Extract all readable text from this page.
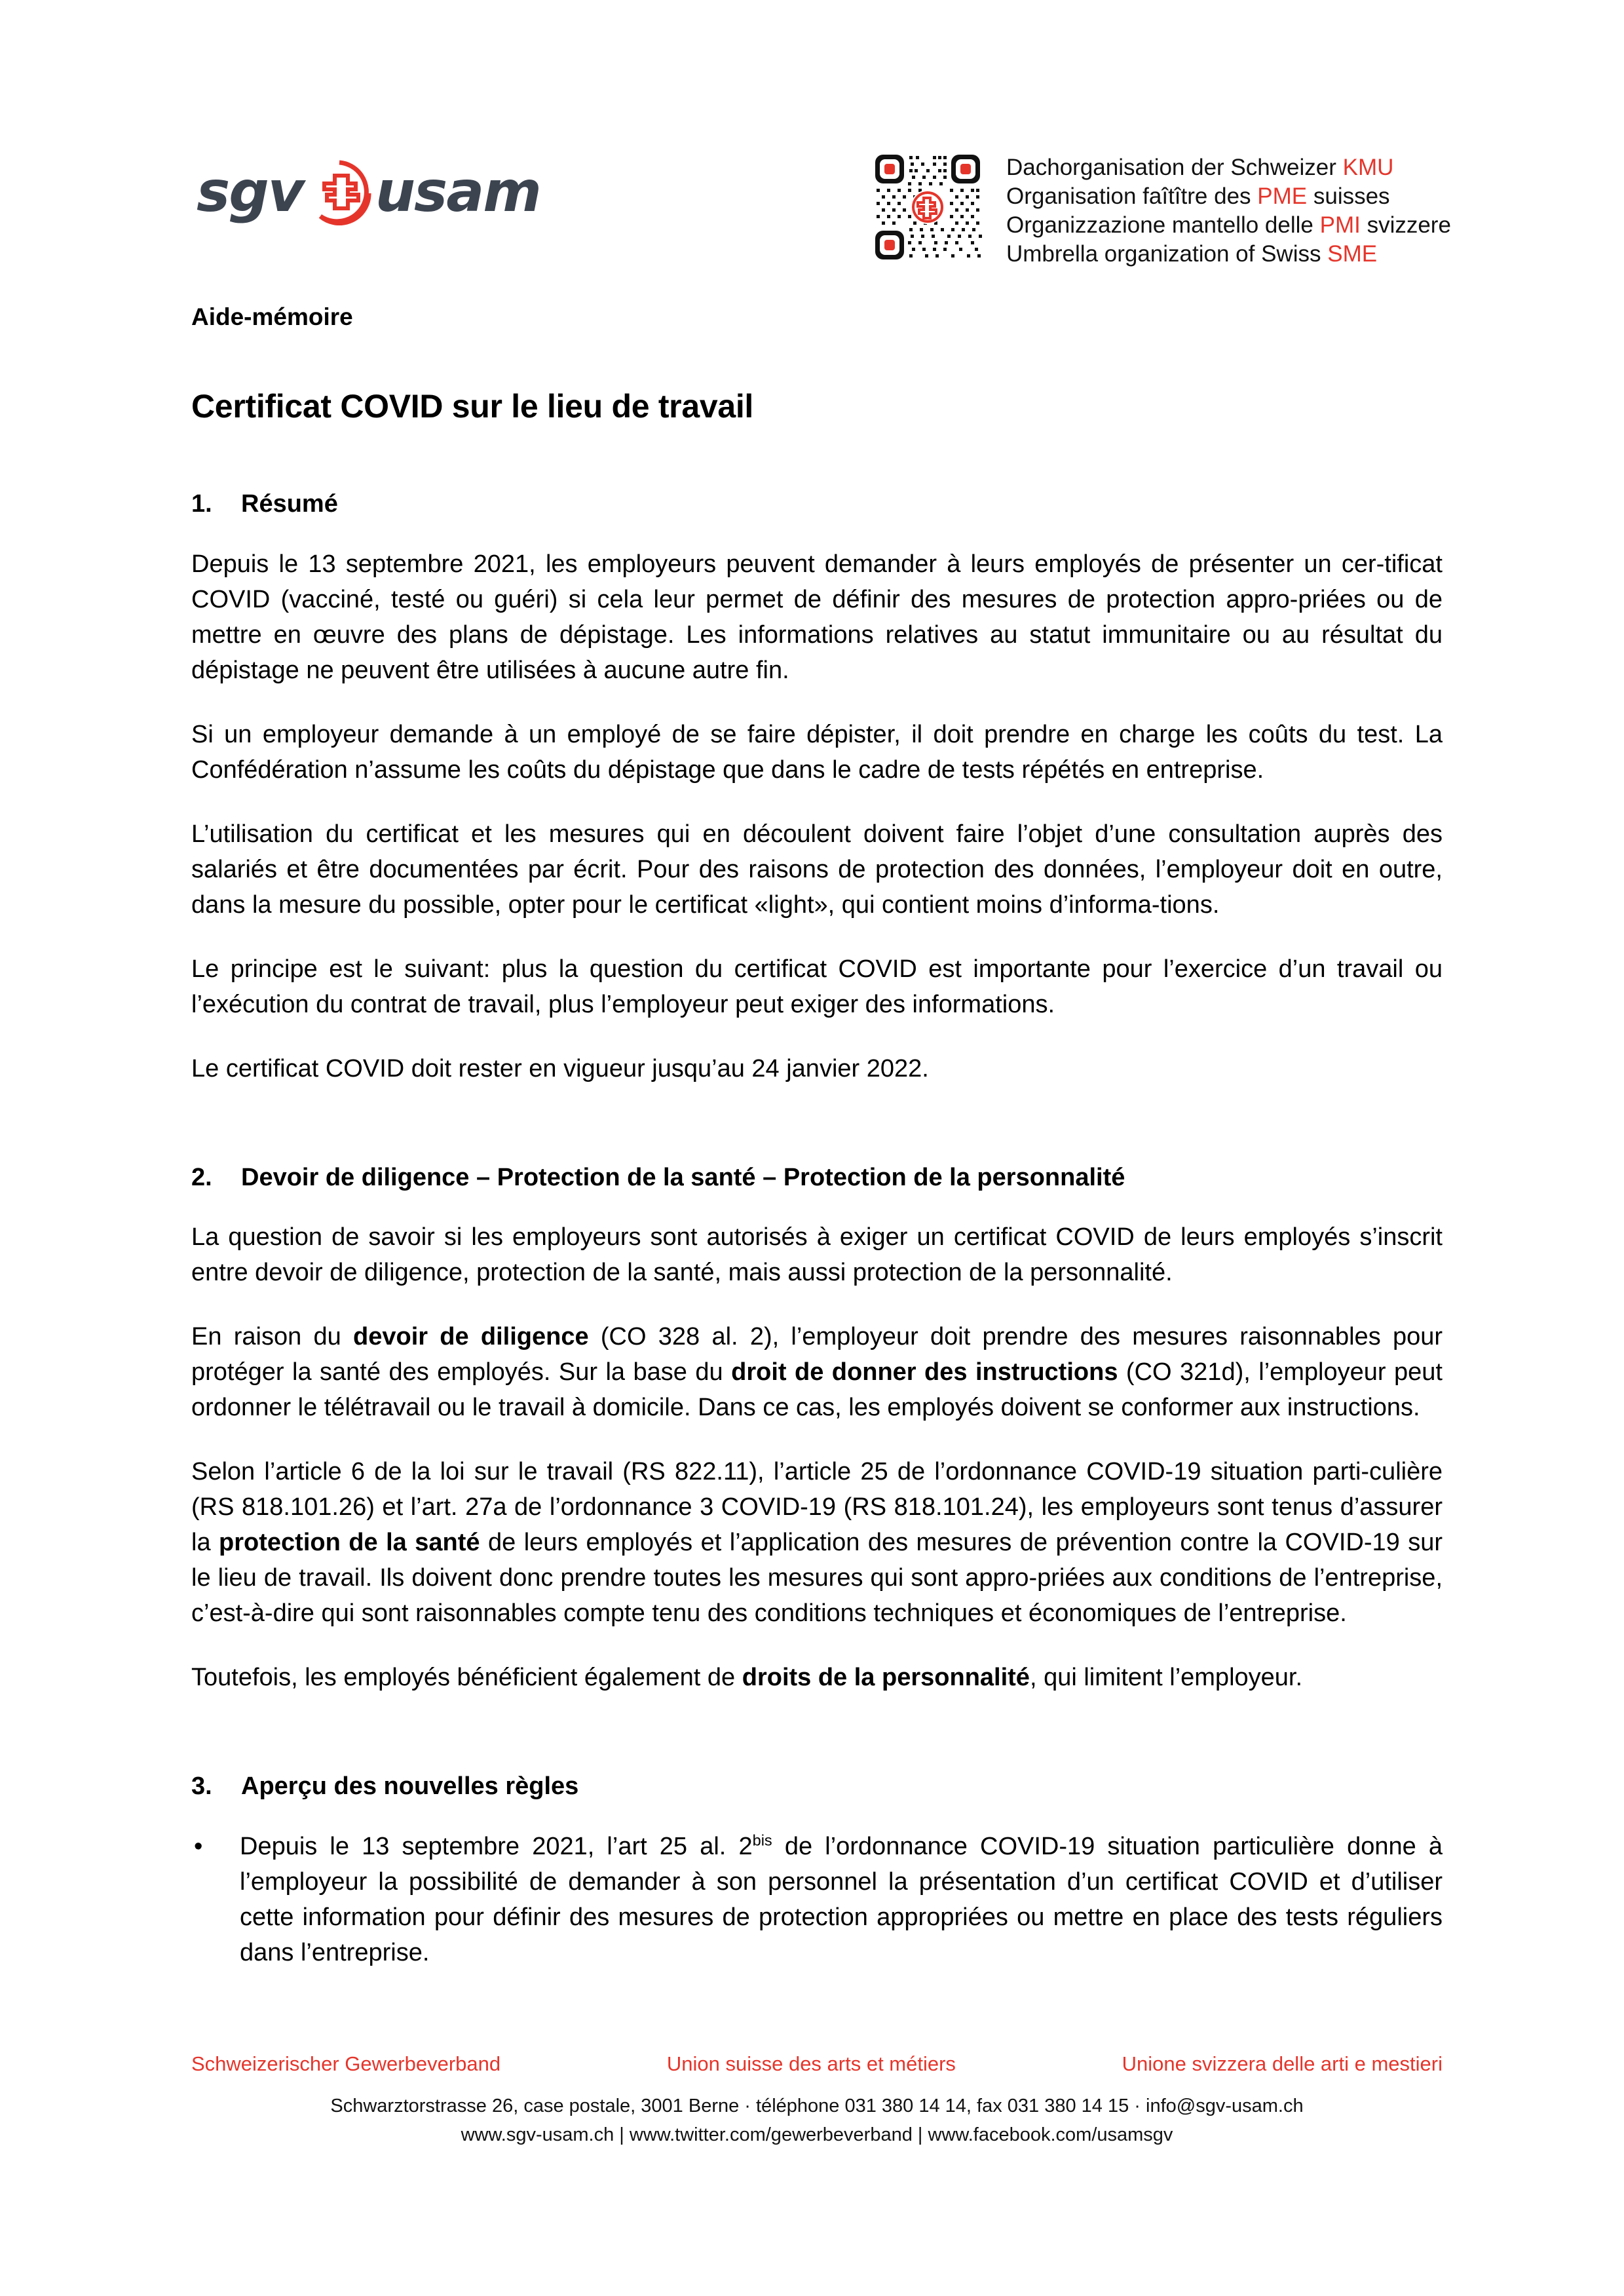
sgv usam	Dachorganisation der Schweizer KMU
Organisation faîtître des PME suisses
Organizzazione mantello delle PMI svizzere
Umbrella organization of Swiss SME
Aide-mémoire
Certificat COVID sur le lieu de travail
1.	Résumé

Depuis le 13 septembre 2021, les employeurs peuvent demander à leurs employés de présenter un cer-tificat COVID (vacciné, testé ou guéri) si cela leur permet de définir des mesures de protection appro-priées ou de mettre en œuvre des plans de dépistage. Les informations relatives au statut immunitaire ou au résultat du dépistage ne peuvent être utilisées à aucune autre fin.

Si un employeur demande à un employé de se faire dépister, il doit prendre en charge les coûts du test. La Confédération n’assume les coûts du dépistage que dans le cadre de tests répétés en entreprise.

L’utilisation du certificat et les mesures qui en découlent doivent faire l’objet d’une consultation auprès des salariés et être documentées par écrit. Pour des raisons de protection des données, l’employeur doit en outre, dans la mesure du possible, opter pour le certificat «light», qui contient moins d’informa-tions.

Le principe est le suivant: plus la question du certificat COVID est importante pour l’exercice d’un travail ou l’exécution du contrat de travail, plus l’employeur peut exiger des informations.

Le certificat COVID doit rester en vigueur jusqu’au 24 janvier 2022.

2.	Devoir de diligence – Protection de la santé – Protection de la personnalité

La question de savoir si les employeurs sont autorisés à exiger un certificat COVID de leurs employés s’inscrit entre devoir de diligence, protection de la santé, mais aussi protection de la personnalité.

En raison du devoir de diligence (CO 328 al. 2), l’employeur doit prendre des mesures raisonnables pour protéger la santé des employés. Sur la base du droit de donner des instructions (CO 321d), l’employeur peut ordonner le télétravail ou le travail à domicile. Dans ce cas, les employés doivent se conformer aux instructions.

Selon l’article 6 de la loi sur le travail (RS 822.11), l’article 25 de l’ordonnance COVID-19 situation parti-culière (RS 818.101.26) et l’art. 27a de l’ordonnance 3 COVID-19 (RS 818.101.24), les employeurs sont tenus d’assurer la protection de la santé de leurs employés et l’application des mesures de prévention contre la COVID-19 sur le lieu de travail. Ils doivent donc prendre toutes les mesures qui sont appro-priées aux conditions de l’entreprise, c’est-à-dire qui sont raisonnables compte tenu des conditions techniques et économiques de l’entreprise.

Toutefois, les employés bénéficient également de droits de la personnalité, qui limitent l’employeur.

3.	Aperçu des nouvelles règles
• Depuis le 13 septembre 2021, l’art 25 al. $2^{bis}$ de l’ordonnance COVID-19 situation particulière donne à l’employeur la possibilité de demander à son personnel la présentation d’un certificat COVID et d’utiliser cette information pour définir des mesures de protection appropriées ou mettre en place des tests réguliers dans l’entreprise.
Schweizerischer Gewerbeverband	Union suisse des arts et métiers	Unione svizzera delle arti e mestieri
Schwarztorstrasse 26, case postale, 3001 Berne · téléphone 031 380 14 14, fax 031 380 14 15 · info@sgv-usam.ch
www.sgv-usam.ch | www.twitter.com/gewerbeverband | www.facebook.com/usamsgv
